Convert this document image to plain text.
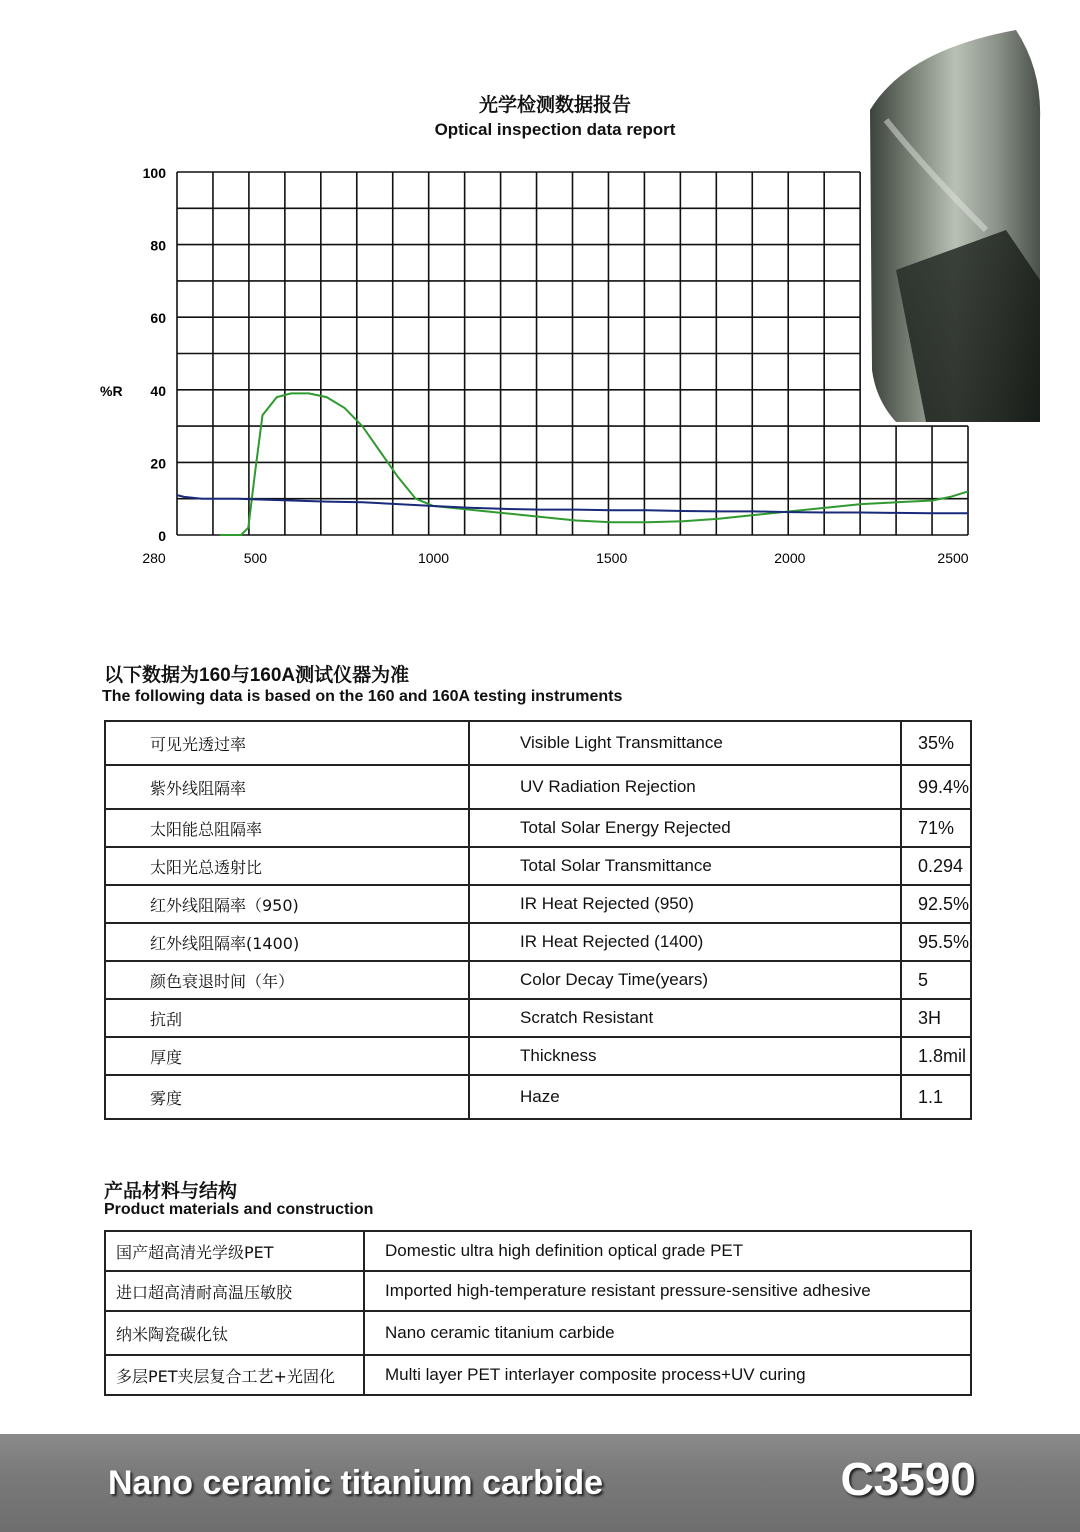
光学检测数据报告
Optical inspection data report
100
80
60
40
20
0
%R
280	500	1000	1500	2000	2500
以下数据为160与160A测试仪器为准
The following data is based on the 160 and 160A testing instruments
可见光透过率	Visible Light Transmittance	35%
紫外线阻隔率	UV Radiation Rejection	99.4%
太阳能总阻隔率	Total Solar Energy Rejected	71%
太阳光总透射比	Total Solar Transmittance	0.294
红外线阻隔率（950)	IR Heat Rejected (950)	92.5%
红外线阻隔率(1400)	IR Heat Rejected (1400)	95.5%
颜色衰退时间（年）	Color Decay Time(years)	5
抗刮	Scratch Resistant	3H
厚度	Thickness	1.8mil
雾度	Haze	1.1
产品材料与结构
Product materials and construction
国产超高清光学级PET	Domestic ultra high definition optical grade PET
进口超高清耐高温压敏胶	Imported high-temperature resistant pressure-sensitive adhesive
纳米陶瓷碳化钛	Nano ceramic titanium carbide
多层PET夹层复合工艺+光固化	Multi layer PET interlayer composite process+UV curing
Nano ceramic titanium carbide	C3590
